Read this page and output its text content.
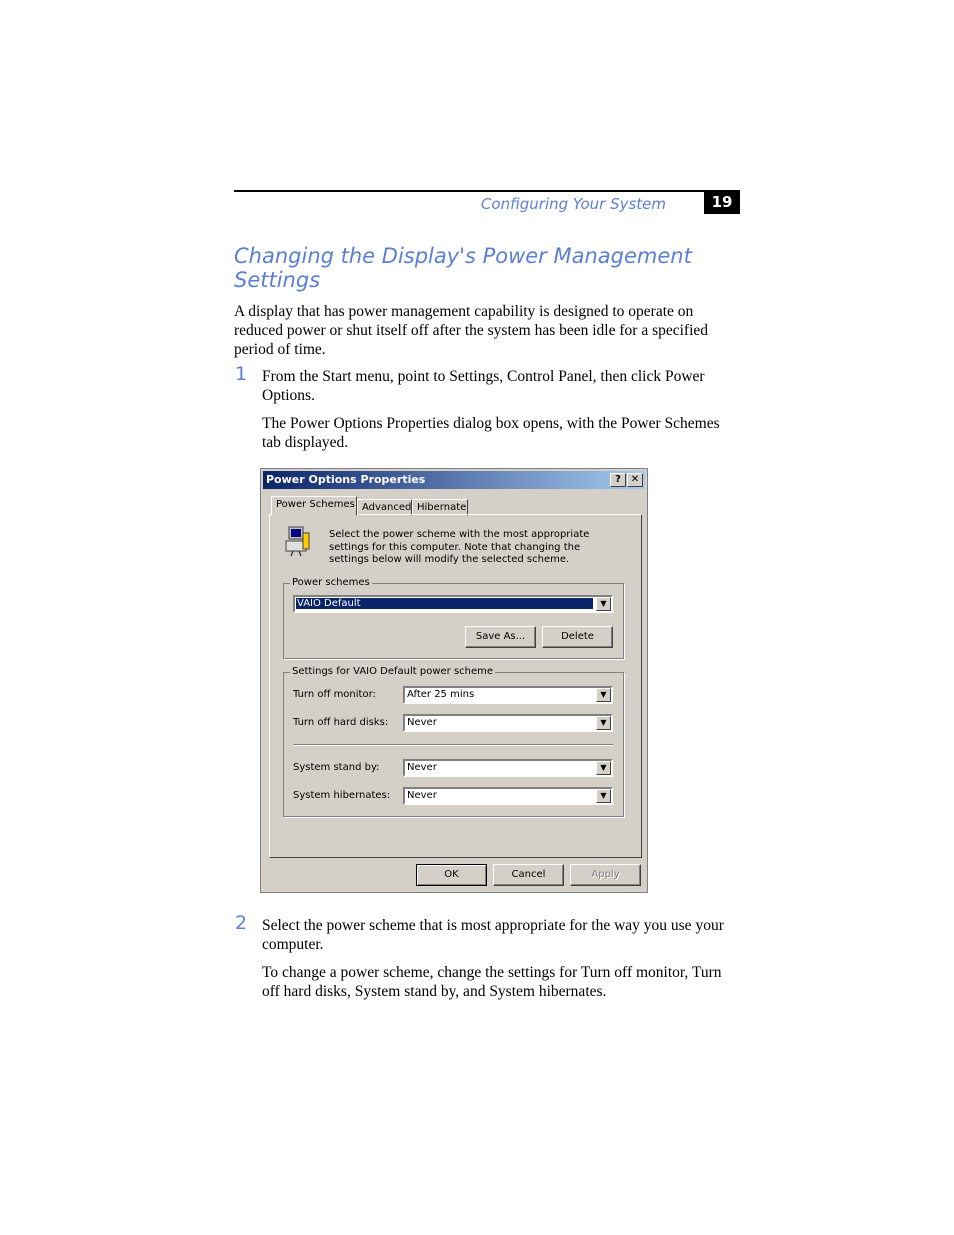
Configuring Your System	19
Changing the Display's Power Management Settings

A display that has power management capability is designed to operate on reduced power or shut itself off after the system has been idle for a specified period of time.

1 From the Start menu, point to Settings, Control Panel, then click Power Options.

The Power Options Properties dialog box opens, with the Power Schemes tab displayed.

Power Options Properties	? ✕
Power Schemes Advanced Hibernate
Select the power scheme with the most appropriate settings for this computer. Note that changing the settings below will modify the selected scheme.
Power schemes
VAIO Default	▼
Save As...	Delete
Settings for VAIO Default power scheme
Turn off monitor:	After 25 mins	▼
Turn off hard disks: Never	▼
System stand by:	Never	▼
System hibernates: Never	▼
OK	Cancel	Apply
2 Select the power scheme that is most appropriate for the way you use your computer.

To change a power scheme, change the settings for Turn off monitor, Turn off hard disks, System stand by, and System hibernates.
